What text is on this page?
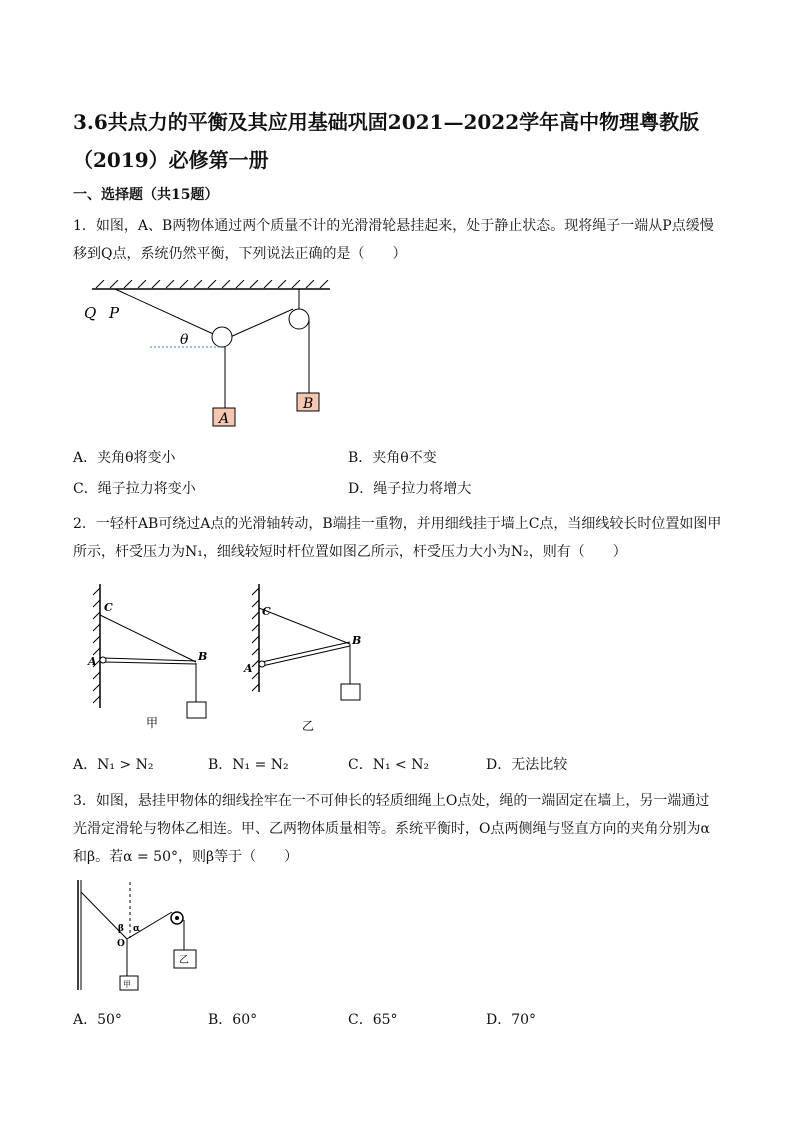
3.6共点力的平衡及其应用基础巩固2021—2022学年高中物理粤教版（2019）必修第一册
一、选择题（共15题）
1．如图，A、B两物体通过两个质量不计的光滑滑轮悬挂起来，处于静止状态。现将绳子一端从P点缓慢移到Q点，系统仍然平衡，下列说法正确的是（　　）
Q P
θ
A
B
A．夹角θ将变小	B．夹角θ不变
C．绳子拉力将变小	D．绳子拉力将增大
2．一轻杆AB可绕过A点的光滑轴转动，B端挂一重物，并用细线挂于墙上C点，当细线较长时位置如图甲所示，杆受压力为N₁，细线较短时杆位置如图乙所示，杆受压力大小为N₂，则有（　　）
C
A	B
甲
C
A
B
乙
A．N₁ > N₂	B．N₁ = N₂	C．N₁ < N₂	D．无法比较
3．如图，悬挂甲物体的细线拴牢在一不可伸长的轻质细绳上O点处，绳的一端固定在墙上，另一端通过光滑定滑轮与物体乙相连。甲、乙两物体质量相等。系统平衡时，O点两侧绳与竖直方向的夹角分别为α和β。若α = 50°，则β等于（　　）
β α
O
甲
乙
A．50°	B．60°	C．65°	D．70°
